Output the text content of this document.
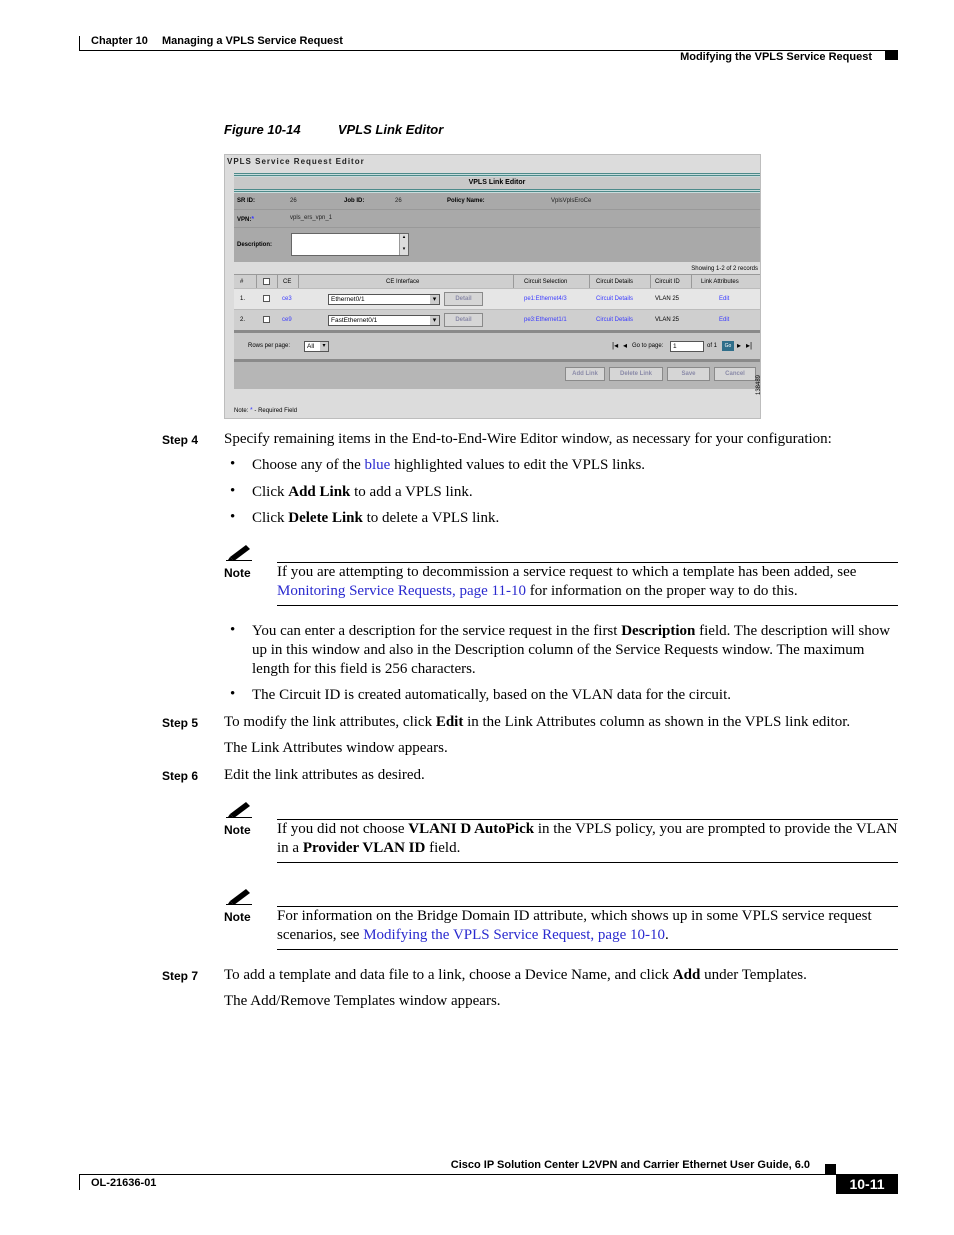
Chapter 10 Managing a VPLS Service Request
Modifying the VPLS Service Request
Figure 10-14	VPLS Link Editor
VPLS Service Request Editor
VPLS Link Editor
SR ID:	26	Job ID:	26	Policy Name:	VplsVplsEroCe
VPN:*	vpls_ers_vpn_1
Description:
▴

▾
Showing 1-2 of 2 records
#	CE	CE Interface	Circuit Selection	Circuit Details	Circuit ID	Link Attributes
1.	ce3	Ethernet0/1 ▾	Detail	pe1:Ethernet4/3	Circuit Details	VLAN 25	Edit
2.	ce9	FastEthernet0/1 ▾	Detail	pe3:Ethernet1/1	Circuit Details	VLAN 25	Edit
Rows per page:	All	▾	|◂ ◂ Go to page:	1	of 1	Go ▸ ▸|
Add Link	Delete Link	Save	Cancel
Note: * - Required Field
138489
Step 4 Specify remaining items in the End-to-End-Wire Editor window, as necessary for your configuration:
• Choose any of the blue highlighted values to edit the VPLS links.
• Click Add Link to add a VPLS link.
• Click Delete Link to delete a VPLS link.
Note If you are attempting to decommission a service request to which a template has been added, see Monitoring Service Requests, page 11-10 for information on the proper way to do this.
• You can enter a description for the service request in the first Description field. The description will show up in this window and also in the Description column of the Service Requests window. The maximum length for this field is 256 characters.
• The Circuit ID is created automatically, based on the VLAN data for the circuit.
Step 5 To modify the link attributes, click Edit in the Link Attributes column as shown in the VPLS link editor.
The Link Attributes window appears.
Step 6 Edit the link attributes as desired.
Note If you did not choose VLANI D AutoPick in the VPLS policy, you are prompted to provide the VLAN in a Provider VLAN ID field.
Note For information on the Bridge Domain ID attribute, which shows up in some VPLS service request scenarios, see Modifying the VPLS Service Request, page 10-10.
Step 7 To add a template and data file to a link, choose a Device Name, and click Add under Templates.
The Add/Remove Templates window appears.
Cisco IP Solution Center L2VPN and Carrier Ethernet User Guide, 6.0
OL-21636-01	10-11
